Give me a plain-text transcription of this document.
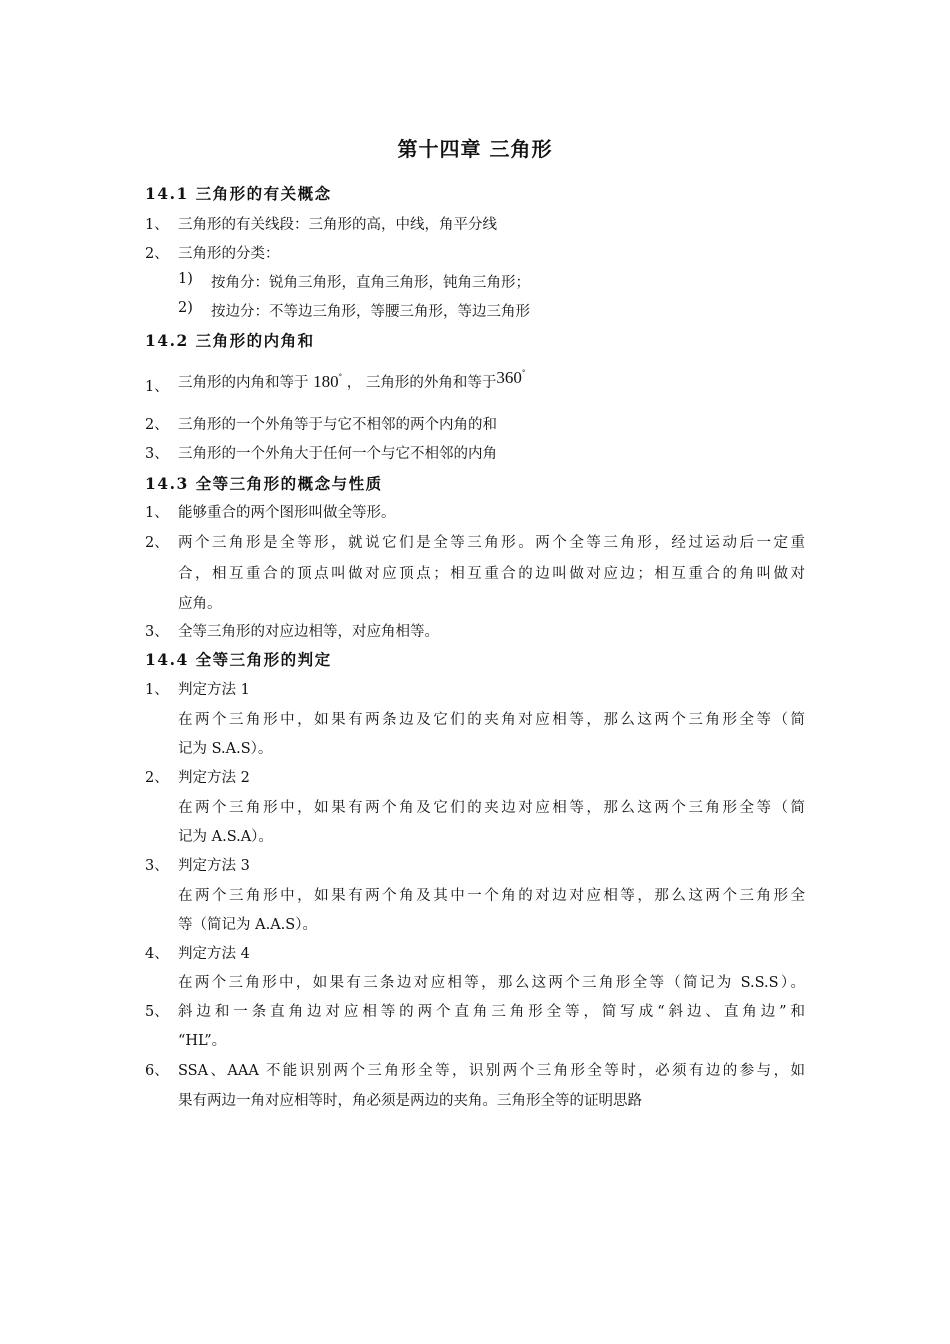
第十四章 三角形
14.1 三角形的有关概念
1、 三角形的有关线段：三角形的高，中线，角平分线
2、 三角形的分类：
1) 按角分：锐角三角形，直角三角形，钝角三角形；
2) 按边分：不等边三角形，等腰三角形，等边三角形
14.2 三角形的内角和
1、 三角形的内角和等于 180° ， 三角形的外角和等于360°
2、 三角形的一个外角等于与它不相邻的两个内角的和
3、 三角形的一个外角大于任何一个与它不相邻的内角
14.3 全等三角形的概念与性质
1、 能够重合的两个图形叫做全等形。
2、 两个三角形是全等形，就说它们是全等三角形。两个全等三角形，经过运动后一定重
合，相互重合的顶点叫做对应顶点；相互重合的边叫做对应边；相互重合的角叫做对
应角。
3、 全等三角形的对应边相等，对应角相等。
14.4 全等三角形的判定
1、 判定方法 1
在两个三角形中，如果有两条边及它们的夹角对应相等，那么这两个三角形全等（简
记为 S.A.S）。
2、 判定方法 2
在两个三角形中，如果有两个角及它们的夹边对应相等，那么这两个三角形全等（简
记为 A.S.A）。
3、 判定方法 3
在两个三角形中，如果有两个角及其中一个角的对边对应相等，那么这两个三角形全
等（简记为 A.A.S）。
4、 判定方法 4
在两个三角形中，如果有三条边对应相等，那么这两个三角形全等（简记为 S.S.S）。
5、 斜边和一条直角边对应相等的两个直角三角形全等，简写成“斜边、直角边”和
“HL”。
6、 SSA、AAA 不能识别两个三角形全等，识别两个三角形全等时，必须有边的参与，如
果有两边一角对应相等时，角必须是两边的夹角。三角形全等的证明思路
